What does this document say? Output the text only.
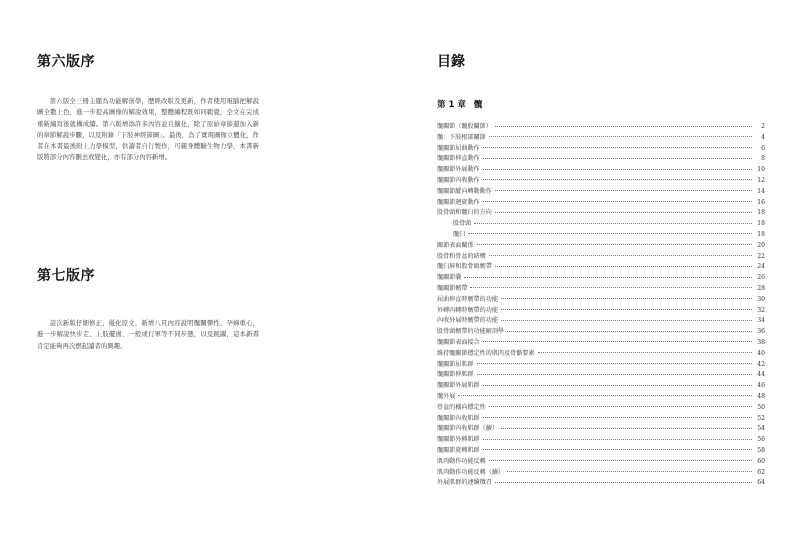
第六版序

第六版全三冊主題為功能解剖學，歷經改版及更新，作者使用電腦把解說圖全數上色，進一步提高圖像的解說效果，整體編程既如同範覺，全文在完成重新編寫後就構成續。第六版增添許多內容並且擴化，除了原始章節還加入新的章節解說步驟，以及附錄「下肢神經節圖」。最後，為了實現圖像立體化，作者在本書最後附上力學模型，供讀者自行製作，可親身體驗生物力學，本書新版將部分內容刪去或變化，亦有部分內容新增。

第七版序

這次新版仔細修正、優化原文，新增八頁內容說明髖關彈性、孕婦重心，進一步解說快步走、上肢擺盪、一般或行軍等不同步態，以及跳躍，這本新書肯定能夠再次燃起讀者的興趣。

目錄
第 1 章 髖
髖關節（髖股關節）	2
髖：下肢根部關節	4
髖關節屈曲動作	6
髖關節伸直動作	8
髖關節外展動作	10
髖關節內收動作	12
髖關節縱向轉動動作	14
髖關節迴旋動作	16
股骨頭和髖臼的方向	18
股骨頭	18
髖臼	18
關節表面關係	20
股骨和骨盆的結構	22
髖臼唇和股骨頭韌帶	24
髖關節囊	26
髖關節韌帶	28
屈曲伸直時韌帶的功能	30
外轉內轉時韌帶的功能	32
內收外展時韌帶的功能	34
股骨頭韌帶的功能解剖學	36
髖關節表面接合	38
維持髖關節穩定性的肌肉及骨骼要素	40
髖關節屈肌群	42
髖關節伸肌群	44
髖關節外展肌群	46
髖外展	48
骨盆的橫向穩定性	50
髖關節內收肌群	52
髖關節內收肌群（續）	54
髖關節外轉肌群	56
髖關節旋轉肌群	58
肌肉動作功能反轉	60
肌肉動作功能反轉（續）	62
外展肌群的連續徵召	64
